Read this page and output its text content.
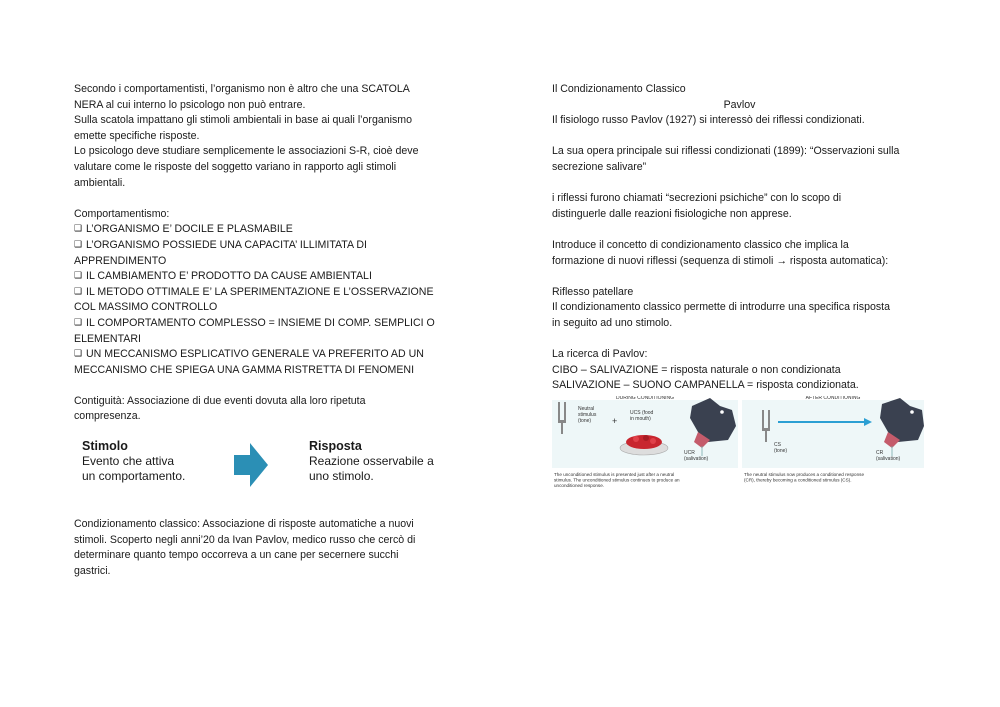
Secondo i comportamentisti, l’organismo non è altro che una SCATOLA

NERA al cui interno lo psicologo non può entrare.

Sulla scatola impattano gli stimoli ambientali in base ai quali l’organismo

emette specifiche risposte.

Lo psicologo deve studiare semplicemente le associazioni S-R, cioè deve

valutare come le risposte del soggetto variano in rapporto agli stimoli

ambientali.

Comportamentismo:

❑ L’ORGANISMO E’ DOCILE E PLASMABILE

❑ L’ORGANISMO POSSIEDE UNA CAPACITA’ ILLIMITATA DI

APPRENDIMENTO

❑ IL CAMBIAMENTO E’ PRODOTTO DA CAUSE AMBIENTALI

❑ IL METODO OTTIMALE E’ LA SPERIMENTAZIONE E L’OSSERVAZIONE

COL MASSIMO CONTROLLO

❑ IL COMPORTAMENTO COMPLESSO = INSIEME DI COMP. SEMPLICI O

ELEMENTARI

❑ UN MECCANISMO ESPLICATIVO GENERALE VA PREFERITO AD UN

MECCANISMO CHE SPIEGA UNA GAMMA RISTRETTA DI FENOMENI

Contiguità: Associazione di due eventi dovuta alla loro ripetuta

compresenza.

Stimolo
Evento che attiva
un comportamento.
Risposta
Reazione osservabile a
uno stimolo.

Condizionamento classico: Associazione di risposte automatiche a nuovi

stimoli. Scoperto negli anni’20 da Ivan Pavlov, medico russo che cercò di

determinare quanto tempo occorreva a un cane per secernere succhi

gastrici.

Il Condizionamento Classico

Pavlov

Il fisiologo russo Pavlov (1927) si interessò dei riflessi condizionati.

La sua opera principale sui riflessi condizionati (1899): “Osservazioni sulla

secrezione salivare”

i riflessi furono chiamati “secrezioni psichiche” con lo scopo di

distinguerle dalle reazioni fisiologiche non apprese.

Introduce il concetto di condizionamento classico che implica la

formazione di nuovi riflessi (sequenza di stimoli → risposta automatica):

Riflesso patellare

Il condizionamento classico permette di introdurre una specifica risposta

in seguito ad uno stimolo.

La ricerca di Pavlov:

CIBO – SALIVAZIONE = risposta naturale o non condizionata

SALIVAZIONE – SUONO CAMPANELLA = risposta condizionata.

DURING CONDITIONING
Neutral stimulus (tone)	+
UCS (food in mouth)
UCR (salivation)
AFTER CONDITIONING
CS (tone)	CR (salivation)
The unconditioned stimulus is presented just after a neutral stimulus. The unconditioned stimulus continues to produce an unconditioned response.
The neutral stimulus now produces a conditioned response (CR), thereby becoming a conditioned stimulus (CS).
